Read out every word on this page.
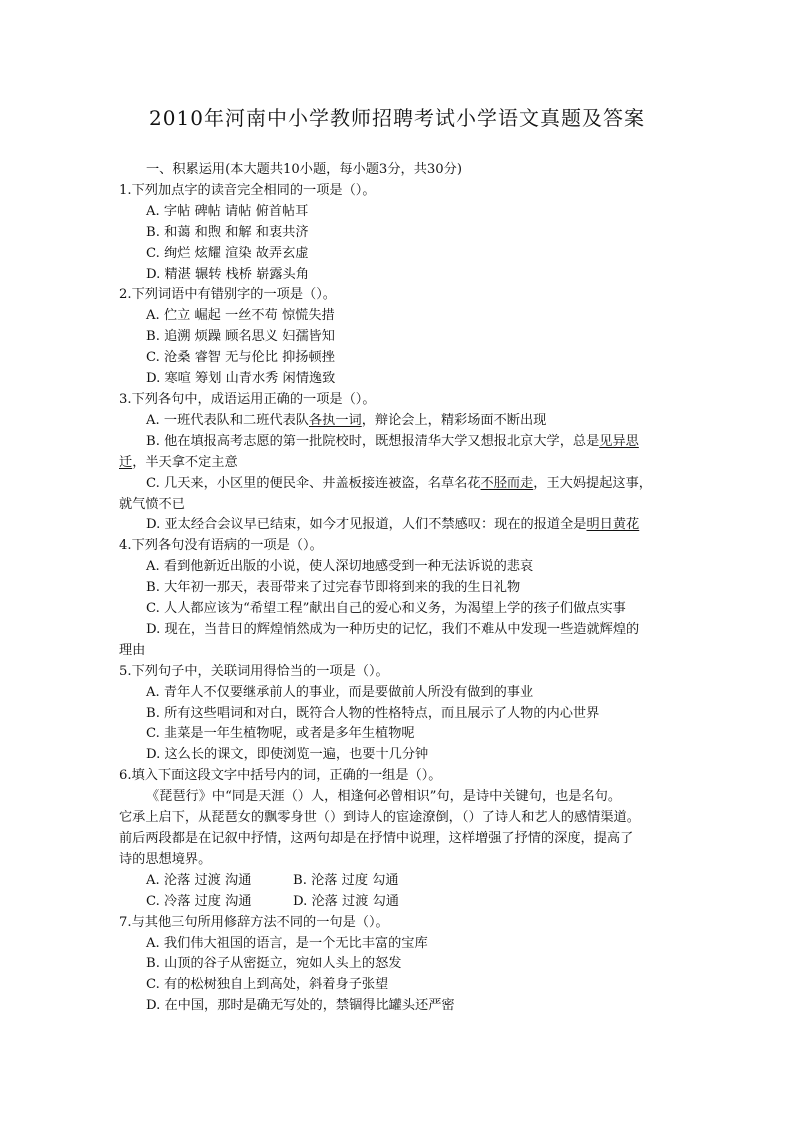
2010年河南中小学教师招聘考试小学语文真题及答案
一、积累运用(本大题共10小题，每小题3分，共30分)
1.下列加点字的读音完全相同的一项是（）。
A. 字帖 碑帖 请帖 俯首帖耳
B. 和蔼 和煦 和解 和衷共济
C. 绚烂 炫耀 渲染 故弄玄虚
D. 精湛 辗转 栈桥 崭露头角
2.下列词语中有错别字的一项是（）。
A. 伫立 崛起 一丝不苟 惊慌失措
B. 追溯 烦躁 顾名思义 妇孺皆知
C. 沧桑 睿智 无与伦比 抑扬顿挫
D. 寒喧 筹划 山青水秀 闲情逸致
3.下列各句中，成语运用正确的一项是（）。
A. 一班代表队和二班代表队各执一词，辩论会上，精彩场面不断出现
B. 他在填报高考志愿的第一批院校时，既想报清华大学又想报北京大学，总是见异思
迁，半天拿不定主意
C. 几天来，小区里的便民伞、井盖板接连被盗，名草名花不胫而走，王大妈提起这事，
就气愤不已
D. 亚太经合会议早已结束，如今才见报道，人们不禁感叹：现在的报道全是明日黄花
4.下列各句没有语病的一项是（）。
A. 看到他新近出版的小说，使人深切地感受到一种无法诉说的悲哀
B. 大年初一那天，表哥带来了过完春节即将到来的我的生日礼物
C. 人人都应该为“希望工程”献出自己的爱心和义务，为渴望上学的孩子们做点实事
D. 现在，当昔日的辉煌悄然成为一种历史的记忆，我们不难从中发现一些造就辉煌的
理由
5.下列句子中，关联词用得恰当的一项是（）。
A. 青年人不仅要继承前人的事业，而是要做前人所没有做到的事业
B. 所有这些唱词和对白，既符合人物的性格特点，而且展示了人物的内心世界
C. 韭菜是一年生植物呢，或者是多年生植物呢
D. 这么长的课文，即使浏览一遍，也要十几分钟
6.填入下面这段文字中括号内的词，正确的一组是（）。
《琵琶行》中“同是天涯（）人，相逢何必曾相识”句，是诗中关键句，也是名句。
它承上启下，从琵琶女的飘零身世（）到诗人的宦途潦倒，（）了诗人和艺人的感情渠道。
前后两段都是在记叙中抒情，这两句却是在抒情中说理，这样增强了抒情的深度，提高了
诗的思想境界。
A. 沦落 过渡 沟通	B. 沦落 过度 勾通
C. 冷落 过度 沟通	D. 沦落 过渡 勾通
7.与其他三句所用修辞方法不同的一句是（）。
A. 我们伟大祖国的语言，是一个无比丰富的宝库
B. 山顶的谷子从密挺立，宛如人头上的怒发
C. 有的松树独自上到高处，斜着身子张望
D. 在中国，那时是确无写处的，禁锢得比罐头还严密
